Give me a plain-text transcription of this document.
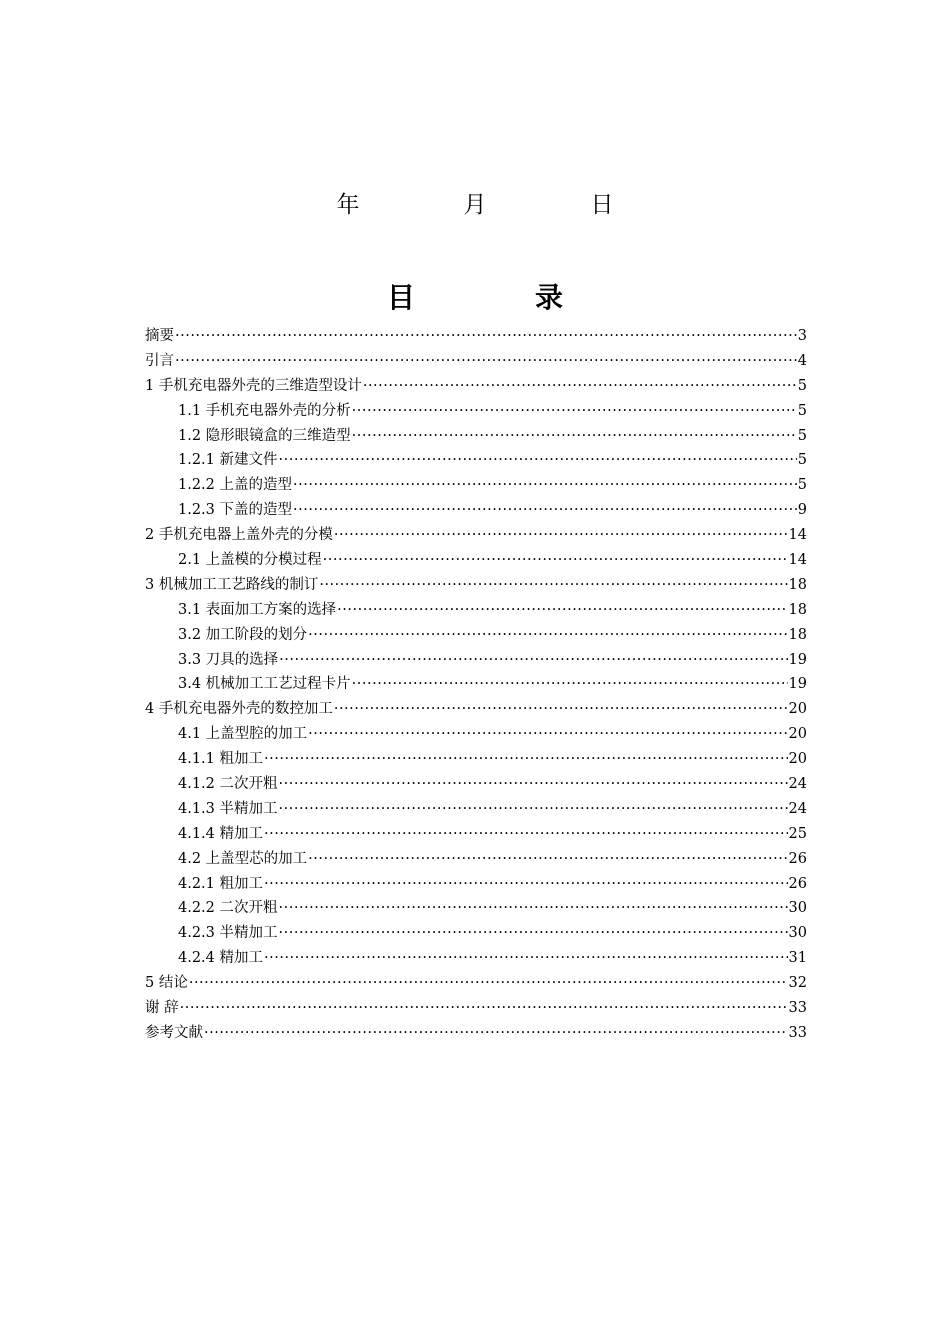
年	月	日
目	录
摘要 ·····	3
引言 ·····	4
1 手机充电器外壳的三维造型设计 ·····	5
1.1 手机充电器外壳的分析 ·····	5
1.2 隐形眼镜盒的三维造型 ·····	5
1.2.1 新建文件 ·····	5
1.2.2 上盖的造型 ·····	5
1.2.3 下盖的造型 ·····	9
2 手机充电器上盖外壳的分模 ·····	14
2.1 上盖模的分模过程 ·····	14
3 机械加工工艺路线的制订 ·····	18
3.1 表面加工方案的选择 ·····	18
3.2 加工阶段的划分 ·····	18
3.3 刀具的选择 ·····	19
3.4 机械加工工艺过程卡片 ·····	19
4 手机充电器外壳的数控加工 ·····	20
4.1 上盖型腔的加工 ·····	20
4.1.1 粗加工 ·····	20
4.1.2 二次开粗 ·····	24
4.1.3 半精加工 ·····	24
4.1.4 精加工 ·····	25
4.2 上盖型芯的加工 ·····	26
4.2.1 粗加工 ·····	26
4.2.2 二次开粗 ·····	30
4.2.3 半精加工 ·····	30
4.2.4 精加工 ·····	31
5 结论 ·····	32
谢 辞 ·····	33
参考文献 ·····	33
